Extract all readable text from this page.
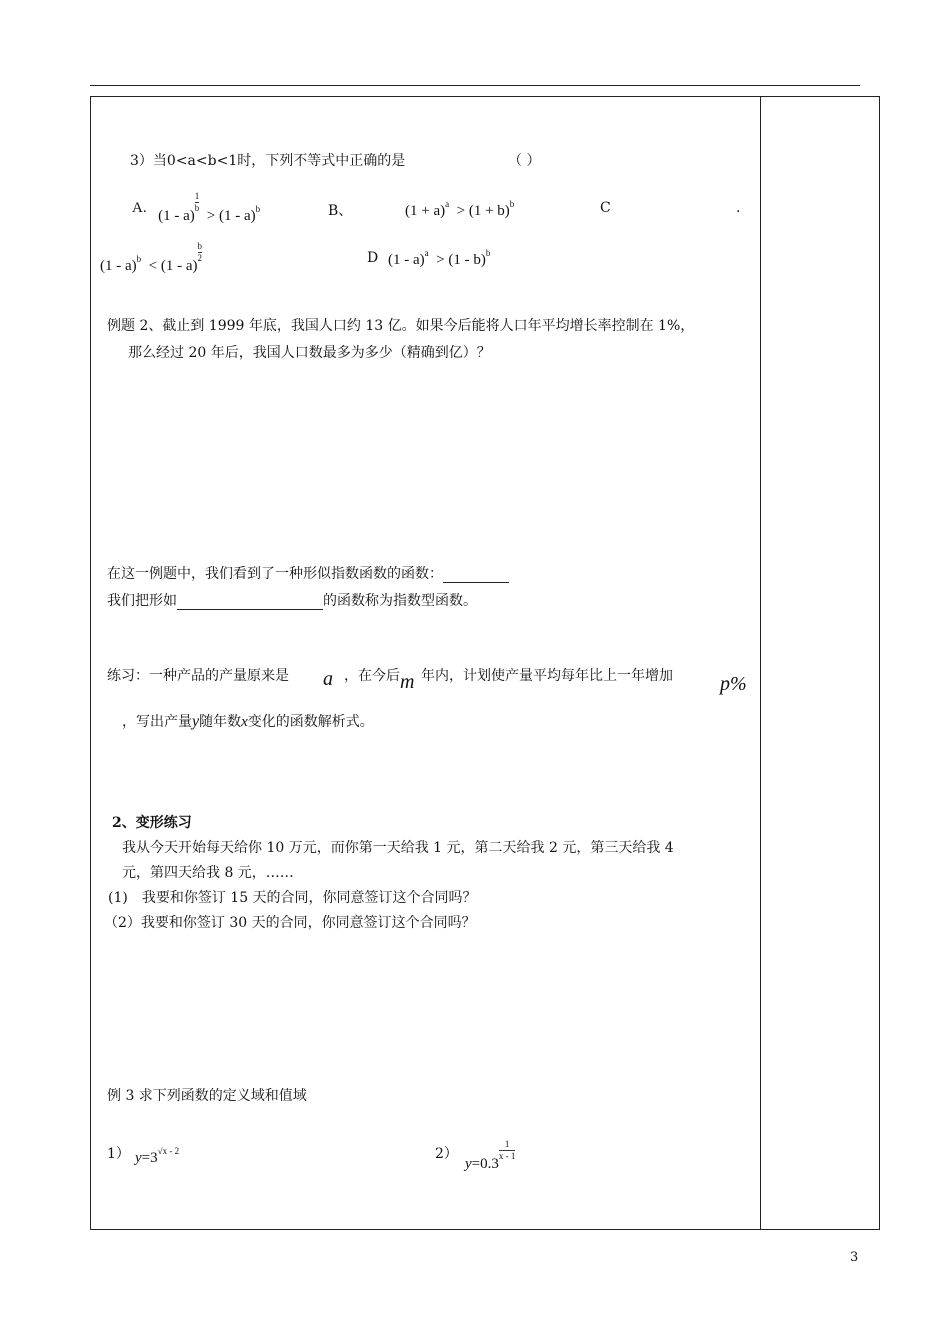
3）当0<a<b<1时，下列不等式中正确的是	（ ）
A. $(1 - a)\frac{1}{b} > (1 - a)^b$	B、	$(1 + a)^a > (1 + b)^b$	C	.
$(1 - a)^b < (1 - a)\frac{b}{2}$	D (1 - a)$^a$ > (1 - b)$^b$
例题 2、截止到 1999 年底，我国人口约 13 亿。如果今后能将人口年平均增长率控制在 1%，
那么经过 20 年后，我国人口数最多为多少（精确到亿）？
在这一例题中，我们看到了一种形似指数函数的函数：
我们把形如	的函数称为指数型函数。
练习：一种产品的产量原来是 a ，在今后 m 年内，计划使产量平均每年比上一年增加 p%
，写出产量y随年数x变化的函数解析式。
2、变形练习
我从今天开始每天给你 10 万元，而你第一天给我 1 元，第二天给我 2 元，第三天给我 4
元，第四天给我 8 元，……
(1)　我要和你签订 15 天的合同，你同意签订这个合同吗？
（2）我要和你签订 30 天的合同，你同意签订这个合同吗？
例 3 求下列函数的定义域和值域
1） $y=3^{√x - 2}$	2）
$y=0.3\frac{1}{x - 1}$
3
